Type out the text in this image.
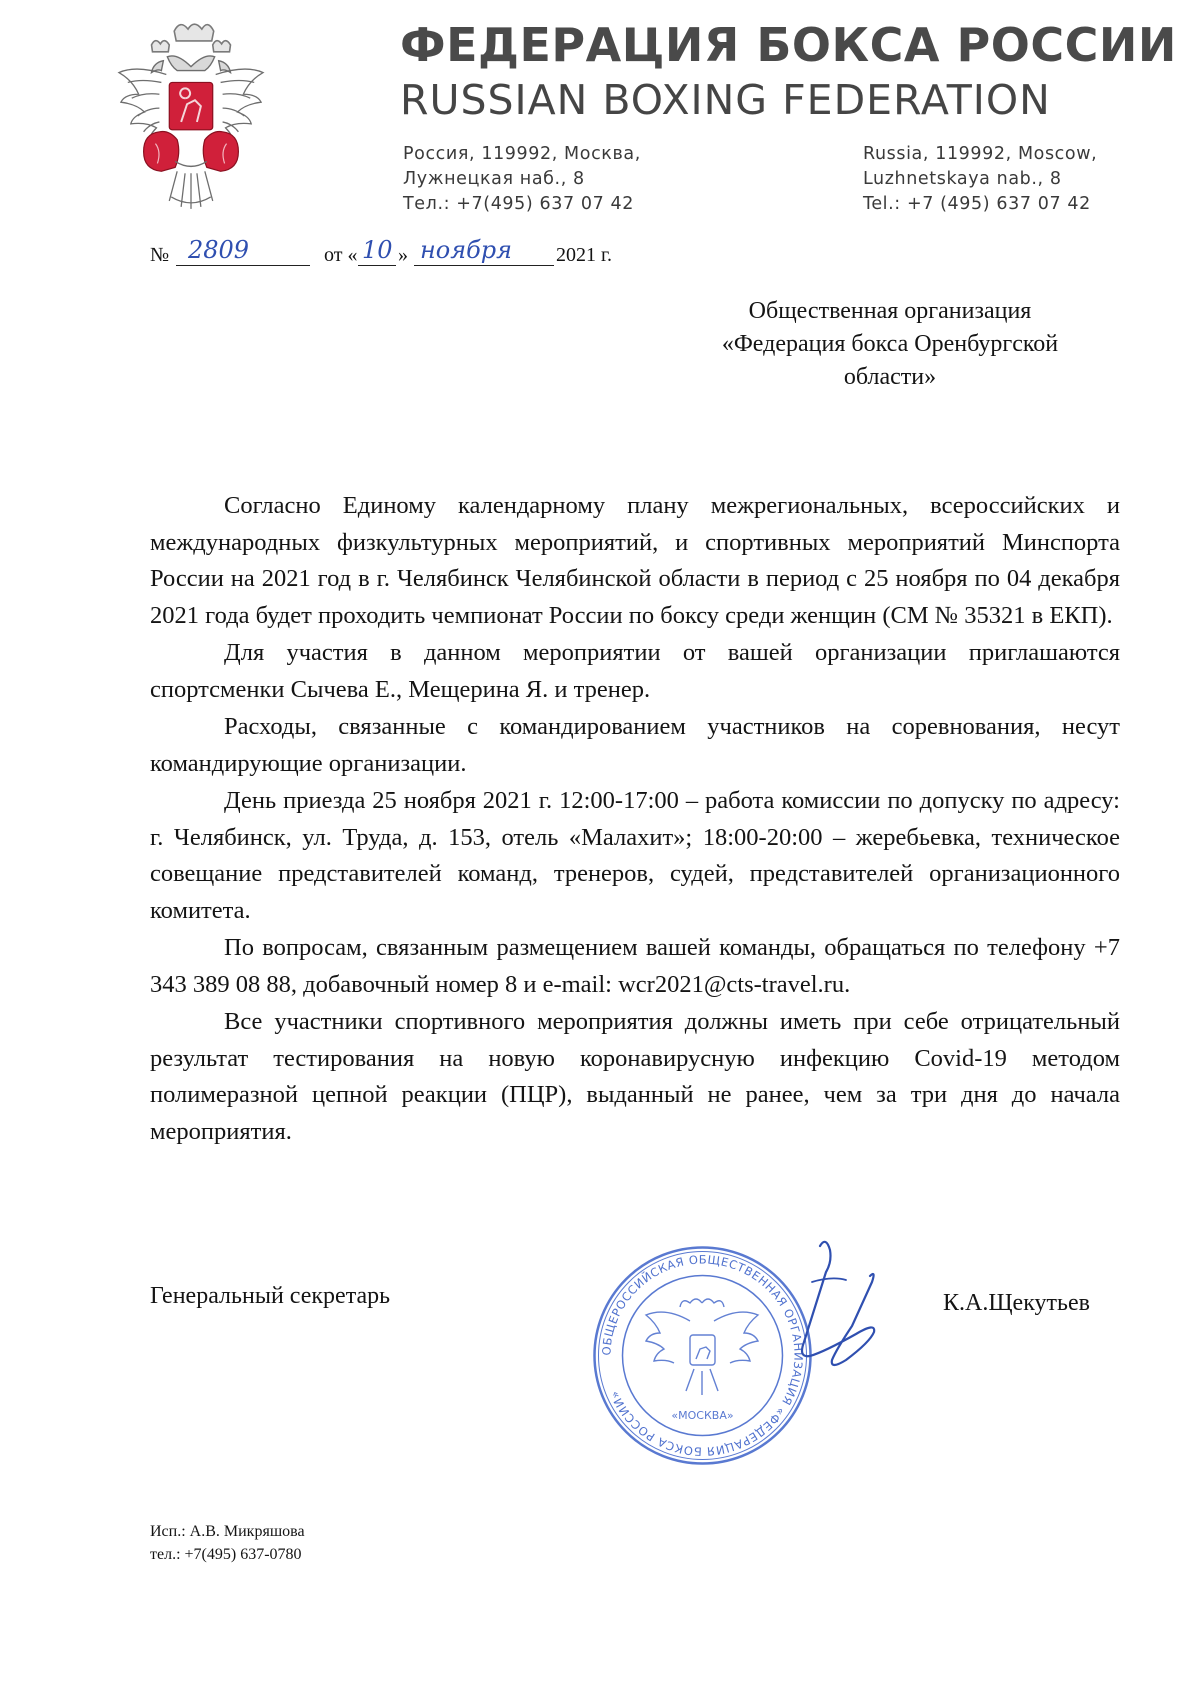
ФЕДЕРАЦИЯ БОКСА РОССИИ
RUSSIAN BOXING FEDERATION
Россия, 119992, Москва,
Лужнецкая наб., 8
Тел.: +7(495) 637 07 42
Russia, 119992, Moscow,
Luzhnetskaya nab., 8
Tel.: +7 (495) 637 07 42
№ 2809	от « 10 » ноября 2021 г.
Общественная организация
«Федерация бокса Оренбургской
области»

Согласно Единому календарному плану межрегиональных, всероссийских и международных физкультурных мероприятий, и спортивных мероприятий Минспорта России на 2021 год в г. Челябинск Челябинской области в период с 25 ноября по 04 декабря 2021 года будет проходить чемпионат России по боксу среди женщин (СМ № 35321 в ЕКП).

Для участия в данном мероприятии от вашей организации приглашаются спортсменки Сычева Е., Мещерина Я. и тренер.

Расходы, связанные с командированием участников на соревнования, несут командирующие организации.

День приезда 25 ноября 2021 г. 12:00-17:00 – работа комиссии по допуску по адресу: г. Челябинск, ул. Труда, д. 153, отель «Малахит»; 18:00-20:00 – жеребьевка, техническое совещание представителей команд, тренеров, судей, представителей организационного комитета.

По вопросам, связанным размещением вашей команды, обращаться по телефону +7 343 389 08 88, добавочный номер 8 и e-mail: wcr2021@cts-travel.ru.

Все участники спортивного мероприятия должны иметь при себе отрицательный результат тестирования на новую коронавирусную инфекцию Covid-19 методом полимеразной цепной реакции (ПЦР), выданный не ранее, чем за три дня до начала мероприятия.

Генеральный секретарь
ОБЩЕРОССИЙСКАЯ ОБЩЕСТВЕННАЯ ОРГАНИЗАЦИЯ «ФЕДЕРАЦИЯ БОКСА РОССИИ»
«МОСКВА»
К.А.Щекутьев
Исп.: А.В. Микряшова
тел.: +7(495) 637-0780
